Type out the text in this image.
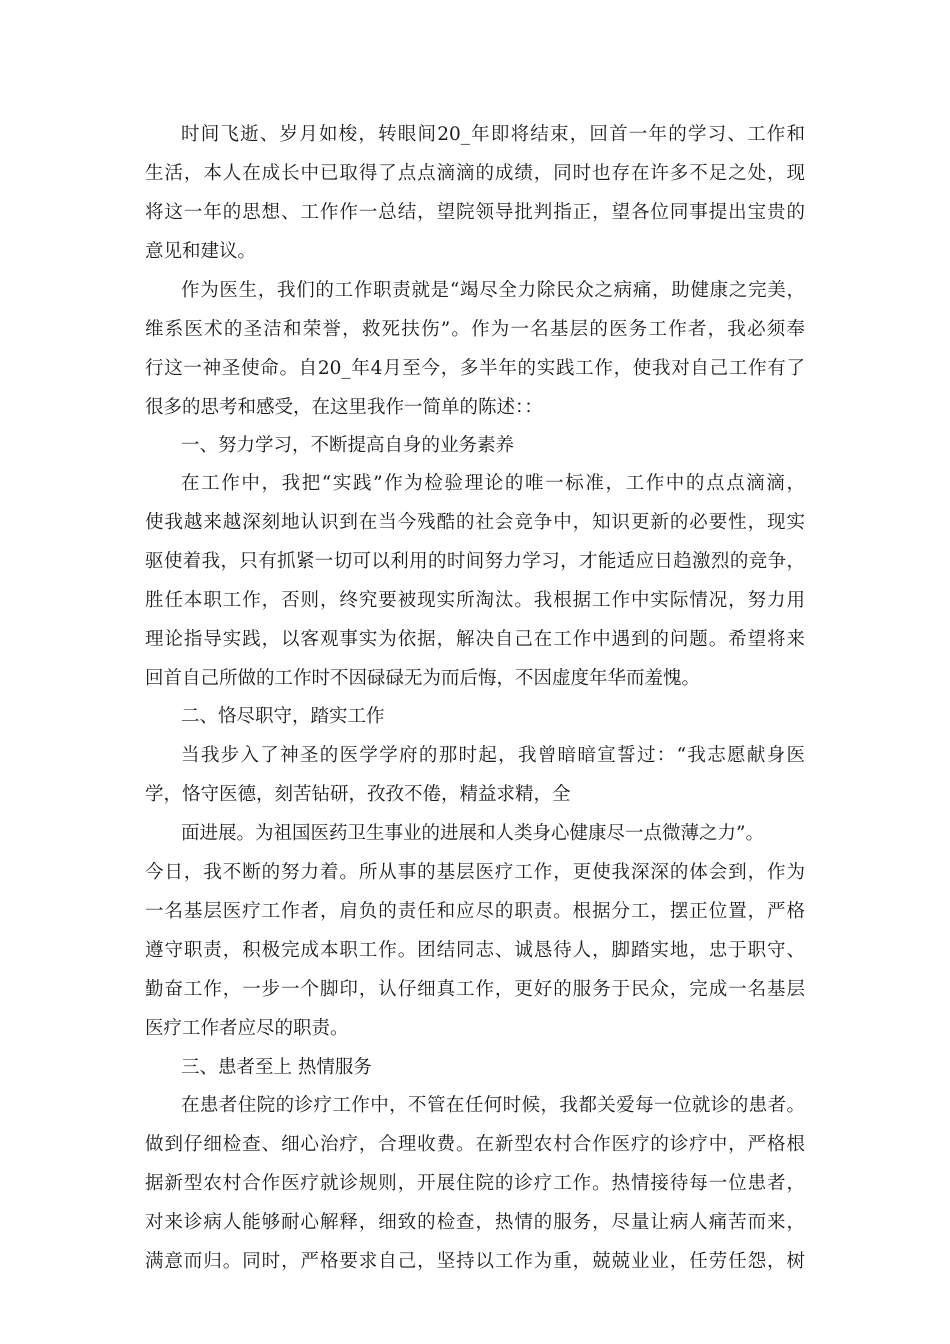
时间飞逝、岁月如梭，转眼间20_年即将结束，回首一年的学习、工作和
生活，本人在成长中已取得了点点滴滴的成绩，同时也存在许多不足之处，现
将这一年的思想、工作作一总结，望院领导批判指正，望各位同事提出宝贵的
意见和建议。
作为医生，我们的工作职责就是“竭尽全力除民众之病痛，助健康之完美，
维系医术的圣洁和荣誉，救死扶伤”。作为一名基层的医务工作者，我必须奉
行这一神圣使命。自20_年4月至今，多半年的实践工作，使我对自己工作有了
很多的思考和感受，在这里我作一简单的陈述：：
一、努力学习，不断提高自身的业务素养
在工作中，我把“实践”作为检验理论的唯一标准，工作中的点点滴滴，
使我越来越深刻地认识到在当今残酷的社会竞争中，知识更新的必要性，现实
驱使着我，只有抓紧一切可以利用的时间努力学习，才能适应日趋激烈的竞争，
胜任本职工作，否则，终究要被现实所淘汰。我根据工作中实际情况，努力用
理论指导实践，以客观事实为依据，解决自己在工作中遇到的问题。希望将来
回首自己所做的工作时不因碌碌无为而后悔，不因虚度年华而羞愧。
二、恪尽职守，踏实工作
当我步入了神圣的医学学府的那时起，我曾暗暗宣誓过：“我志愿献身医
学，恪守医德，刻苦钻研，孜孜不倦，精益求精，全
面进展。为祖国医药卫生事业的进展和人类身心健康尽一点微薄之力”。
今日，我不断的努力着。所从事的基层医疗工作，更使我深深的体会到，作为
一名基层医疗工作者，肩负的责任和应尽的职责。根据分工，摆正位置，严格
遵守职责，积极完成本职工作。团结同志、诚恳待人，脚踏实地，忠于职守、
勤奋工作，一步一个脚印，认仔细真工作，更好的服务于民众，完成一名基层
医疗工作者应尽的职责。
三、患者至上 热情服务
在患者住院的诊疗工作中，不管在任何时候，我都关爱每一位就诊的患者。
做到仔细检查、细心治疗，合理收费。在新型农村合作医疗的诊疗中，严格根
据新型农村合作医疗就诊规则，开展住院的诊疗工作。热情接待每一位患者，
对来诊病人能够耐心解释，细致的检查，热情的服务，尽量让病人痛苦而来，
满意而归。同时，严格要求自己，坚持以工作为重，兢兢业业，任劳任怨，树
